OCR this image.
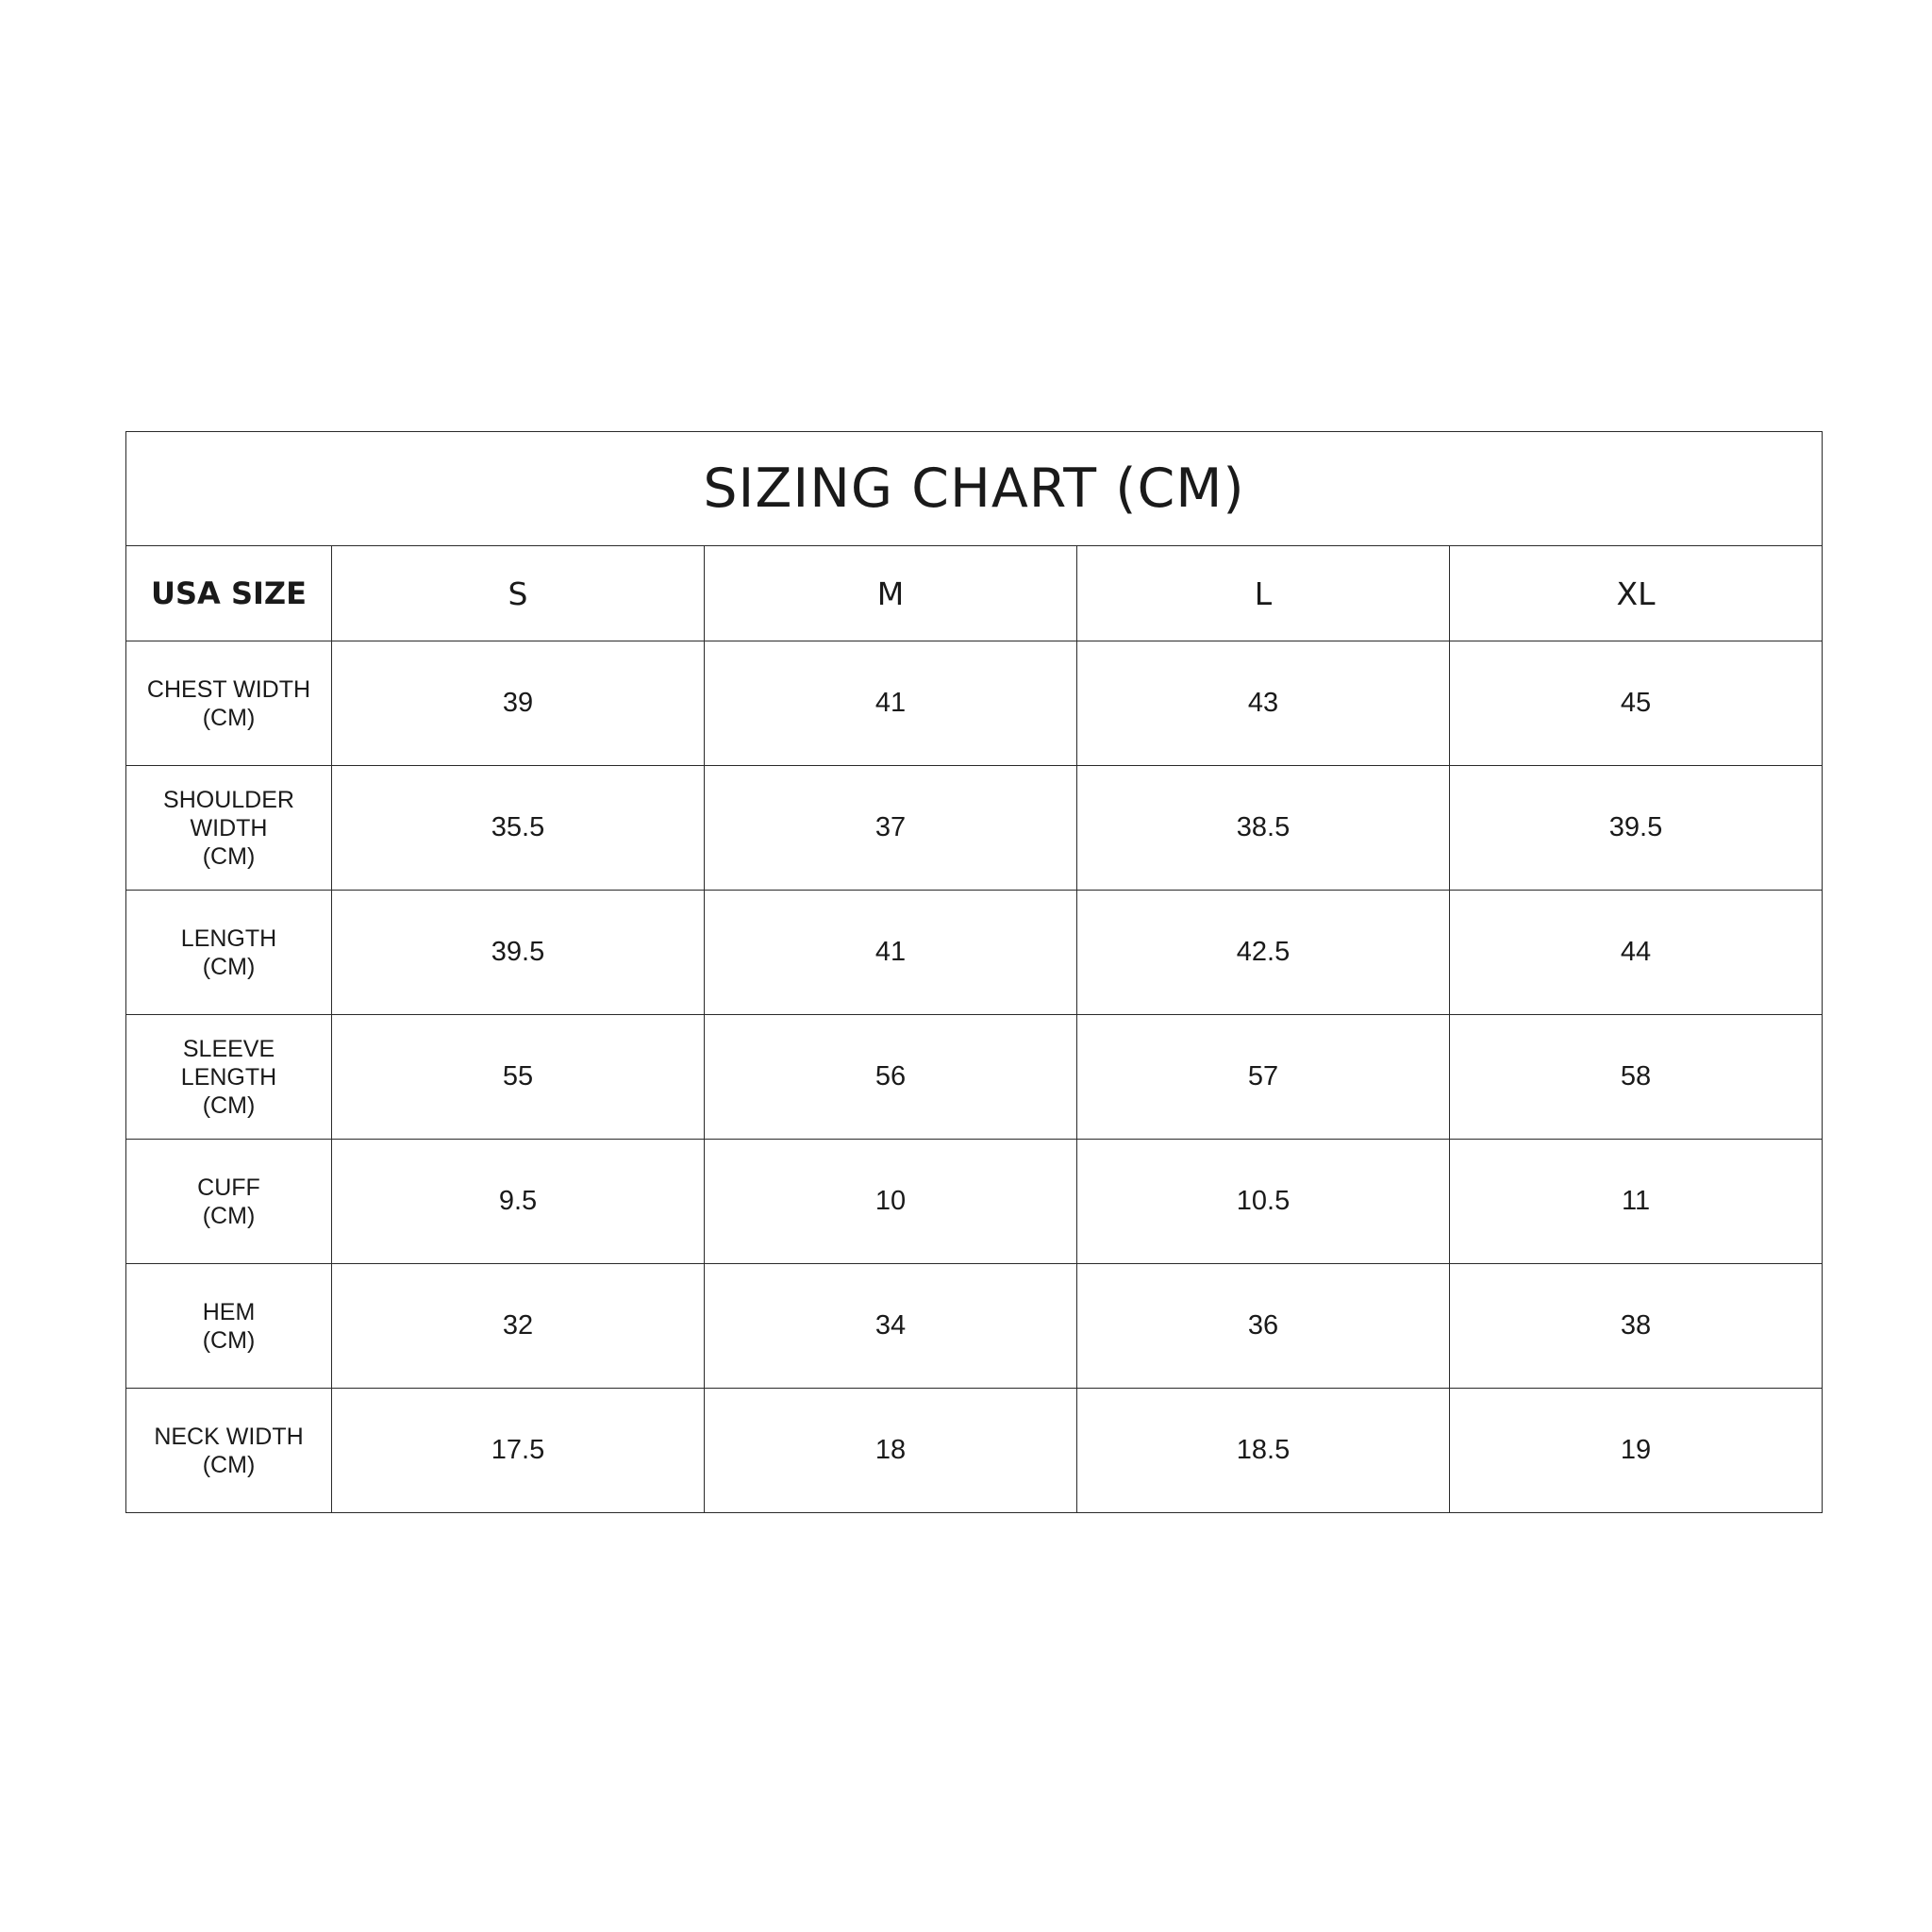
SIZING CHART (CM)				
USA SIZE	S	M	L	XL
CHEST WIDTH
(CM)	39	41	43	45
SHOULDER
WIDTH
(CM)	35.5	37	38.5	39.5
LENGTH
(CM)	39.5	41	42.5	44
SLEEVE
LENGTH
(CM)	55	56	57	58
CUFF
(CM)	9.5	10	10.5	11
HEM
(CM)	32	34	36	38
NECK WIDTH
(CM)	17.5	18	18.5	19
